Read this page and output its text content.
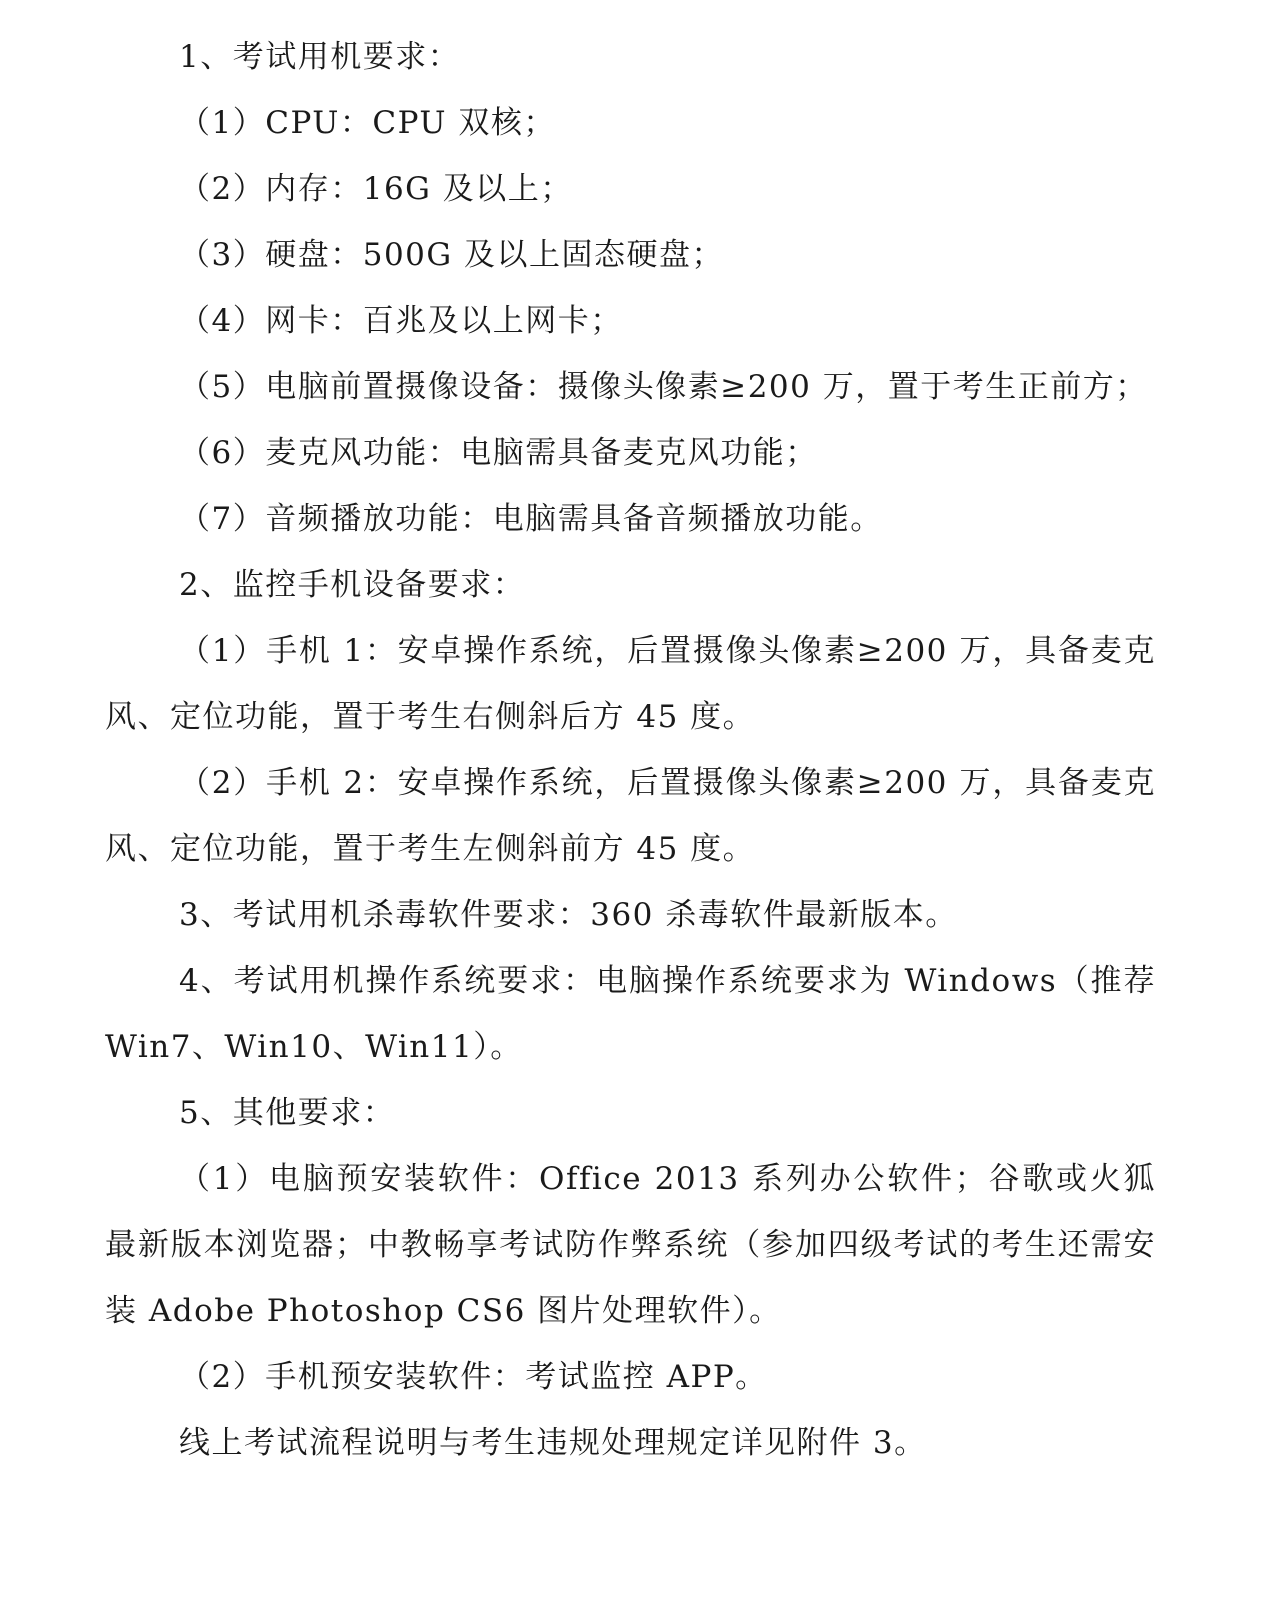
1、考试用机要求：

（1）CPU：CPU 双核；

（2）内存：16G 及以上；

（3）硬盘：500G 及以上固态硬盘；

（4）网卡：百兆及以上网卡；

（5）电脑前置摄像设备：摄像头像素≥200 万，置于考生正前方；

（6）麦克风功能：电脑需具备麦克风功能；

（7）音频播放功能：电脑需具备音频播放功能。

2、监控手机设备要求：

（1）手机 1：安卓操作系统，后置摄像头像素≥200 万，具备麦克风、定位功能，置于考生右侧斜后方 45 度。

（2）手机 2：安卓操作系统，后置摄像头像素≥200 万，具备麦克风、定位功能，置于考生左侧斜前方 45 度。

3、考试用机杀毒软件要求：360 杀毒软件最新版本。

4、考试用机操作系统要求：电脑操作系统要求为 Windows（推荐 Win7、Win10、Win11）。

5、其他要求：

（1）电脑预安装软件：Office 2013 系列办公软件；谷歌或火狐最新版本浏览器；中教畅享考试防作弊系统（参加四级考试的考生还需安装 Adobe Photoshop CS6 图片处理软件）。

（2）手机预安装软件：考试监控 APP。

线上考试流程说明与考生违规处理规定详见附件 3。
